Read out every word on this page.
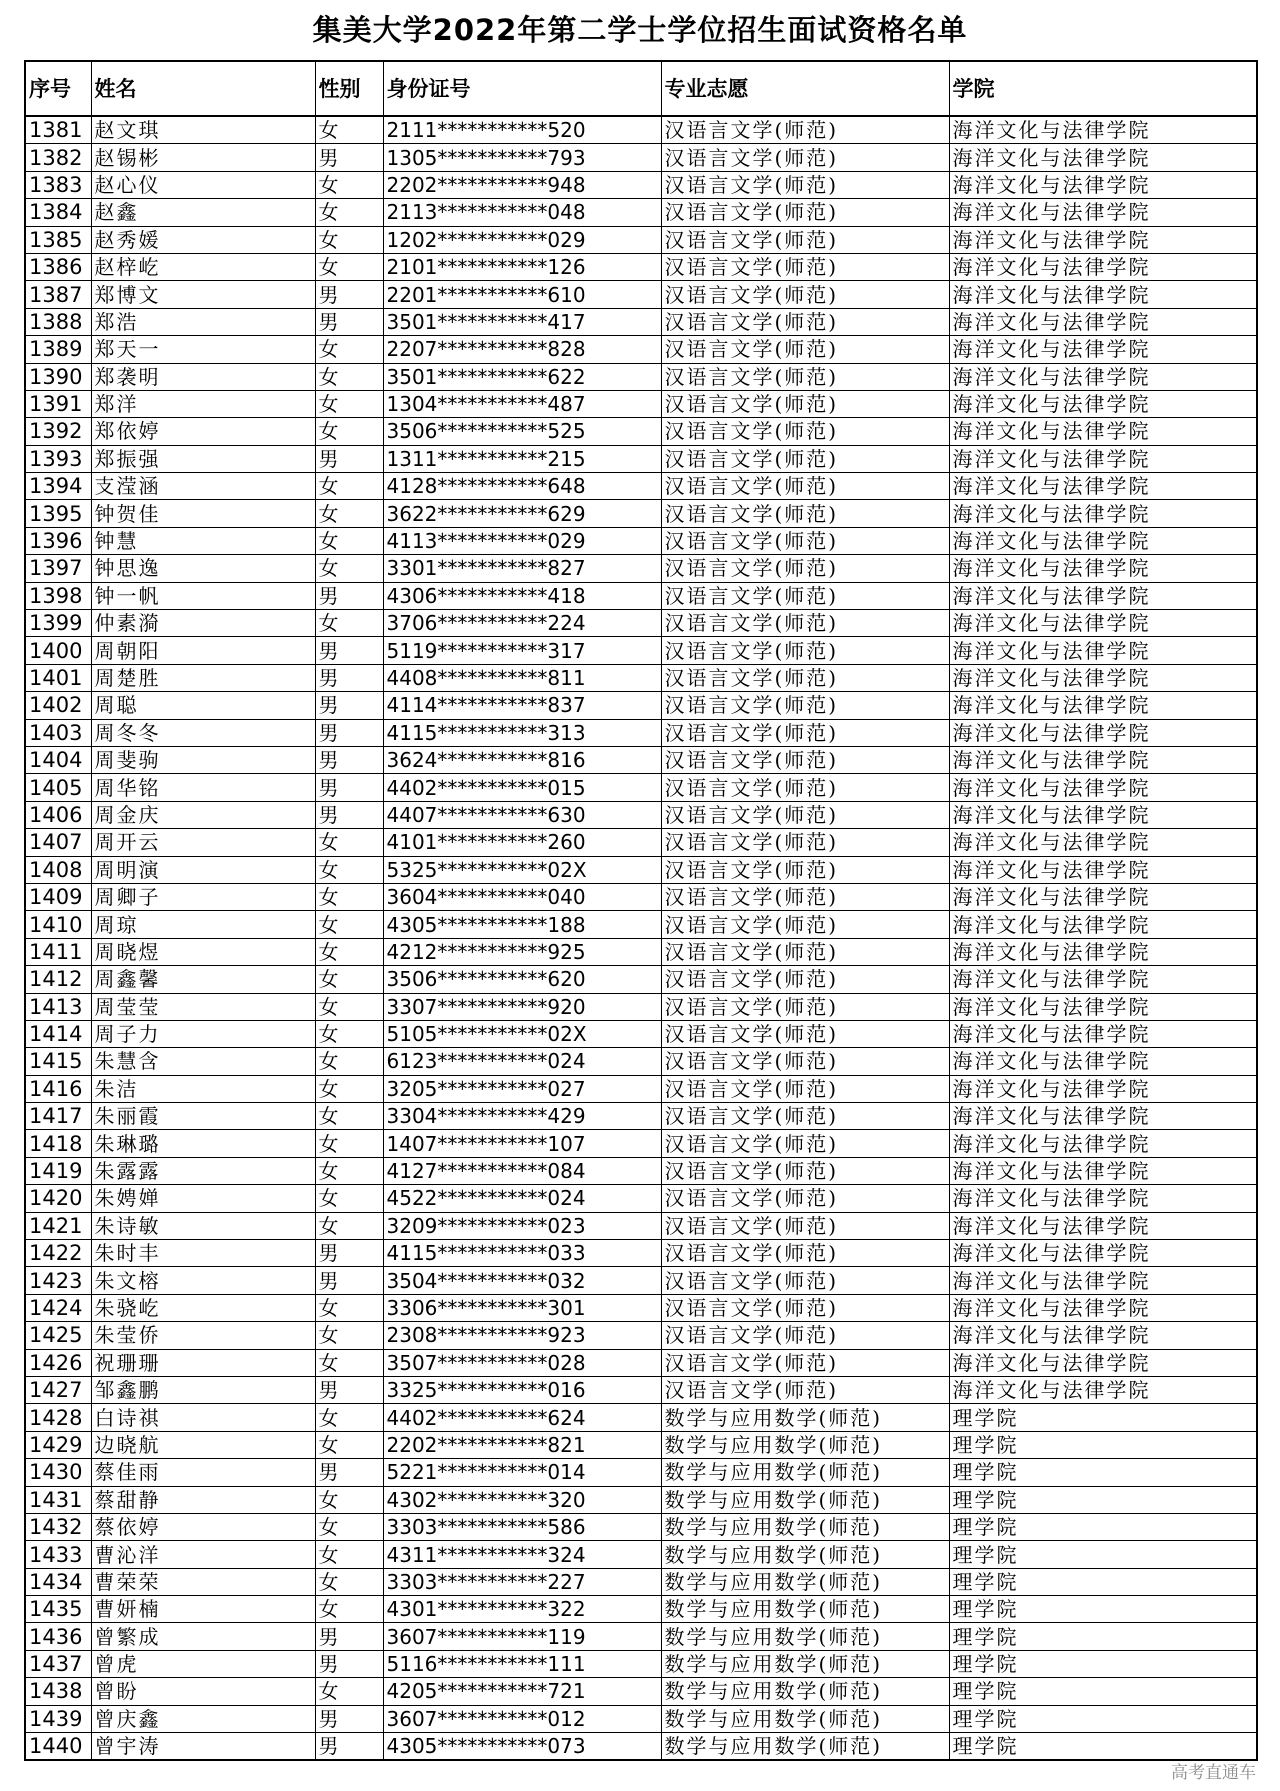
集美大学2022年第二学士学位招生面试资格名单
序号	姓名	性别	身份证号	专业志愿	学院
1381	赵文琪	女	2111***********520	汉语言文学(师范)	海洋文化与法律学院
1382	赵锡彬	男	1305***********793	汉语言文学(师范)	海洋文化与法律学院
1383	赵心仪	女	2202***********948	汉语言文学(师范)	海洋文化与法律学院
1384	赵鑫	女	2113***********048	汉语言文学(师范)	海洋文化与法律学院
1385	赵秀媛	女	1202***********029	汉语言文学(师范)	海洋文化与法律学院
1386	赵梓屹	女	2101***********126	汉语言文学(师范)	海洋文化与法律学院
1387	郑博文	男	2201***********610	汉语言文学(师范)	海洋文化与法律学院
1388	郑浩	男	3501***********417	汉语言文学(师范)	海洋文化与法律学院
1389	郑天一	女	2207***********828	汉语言文学(师范)	海洋文化与法律学院
1390	郑袭明	女	3501***********622	汉语言文学(师范)	海洋文化与法律学院
1391	郑洋	女	1304***********487	汉语言文学(师范)	海洋文化与法律学院
1392	郑依婷	女	3506***********525	汉语言文学(师范)	海洋文化与法律学院
1393	郑振强	男	1311***********215	汉语言文学(师范)	海洋文化与法律学院
1394	支滢涵	女	4128***********648	汉语言文学(师范)	海洋文化与法律学院
1395	钟贺佳	女	3622***********629	汉语言文学(师范)	海洋文化与法律学院
1396	钟慧	女	4113***********029	汉语言文学(师范)	海洋文化与法律学院
1397	钟思逸	女	3301***********827	汉语言文学(师范)	海洋文化与法律学院
1398	钟一帆	男	4306***********418	汉语言文学(师范)	海洋文化与法律学院
1399	仲素漪	女	3706***********224	汉语言文学(师范)	海洋文化与法律学院
1400	周朝阳	男	5119***********317	汉语言文学(师范)	海洋文化与法律学院
1401	周楚胜	男	4408***********811	汉语言文学(师范)	海洋文化与法律学院
1402	周聪	男	4114***********837	汉语言文学(师范)	海洋文化与法律学院
1403	周冬冬	男	4115***********313	汉语言文学(师范)	海洋文化与法律学院
1404	周斐驹	男	3624***********816	汉语言文学(师范)	海洋文化与法律学院
1405	周华铭	男	4402***********015	汉语言文学(师范)	海洋文化与法律学院
1406	周金庆	男	4407***********630	汉语言文学(师范)	海洋文化与法律学院
1407	周开云	女	4101***********260	汉语言文学(师范)	海洋文化与法律学院
1408	周明演	女	5325***********02X	汉语言文学(师范)	海洋文化与法律学院
1409	周卿子	女	3604***********040	汉语言文学(师范)	海洋文化与法律学院
1410	周琼	女	4305***********188	汉语言文学(师范)	海洋文化与法律学院
1411	周晓煜	女	4212***********925	汉语言文学(师范)	海洋文化与法律学院
1412	周鑫馨	女	3506***********620	汉语言文学(师范)	海洋文化与法律学院
1413	周莹莹	女	3307***********920	汉语言文学(师范)	海洋文化与法律学院
1414	周子力	女	5105***********02X	汉语言文学(师范)	海洋文化与法律学院
1415	朱慧含	女	6123***********024	汉语言文学(师范)	海洋文化与法律学院
1416	朱洁	女	3205***********027	汉语言文学(师范)	海洋文化与法律学院
1417	朱丽霞	女	3304***********429	汉语言文学(师范)	海洋文化与法律学院
1418	朱琳璐	女	1407***********107	汉语言文学(师范)	海洋文化与法律学院
1419	朱露露	女	4127***********084	汉语言文学(师范)	海洋文化与法律学院
1420	朱娉婵	女	4522***********024	汉语言文学(师范)	海洋文化与法律学院
1421	朱诗敏	女	3209***********023	汉语言文学(师范)	海洋文化与法律学院
1422	朱时丰	男	4115***********033	汉语言文学(师范)	海洋文化与法律学院
1423	朱文榕	男	3504***********032	汉语言文学(师范)	海洋文化与法律学院
1424	朱骁屹	女	3306***********301	汉语言文学(师范)	海洋文化与法律学院
1425	朱莹侨	女	2308***********923	汉语言文学(师范)	海洋文化与法律学院
1426	祝珊珊	女	3507***********028	汉语言文学(师范)	海洋文化与法律学院
1427	邹鑫鹏	男	3325***********016	汉语言文学(师范)	海洋文化与法律学院
1428	白诗祺	女	4402***********624	数学与应用数学(师范)	理学院
1429	边晓航	女	2202***********821	数学与应用数学(师范)	理学院
1430	蔡佳雨	男	5221***********014	数学与应用数学(师范)	理学院
1431	蔡甜静	女	4302***********320	数学与应用数学(师范)	理学院
1432	蔡依婷	女	3303***********586	数学与应用数学(师范)	理学院
1433	曹沁洋	女	4311***********324	数学与应用数学(师范)	理学院
1434	曹荣荣	女	3303***********227	数学与应用数学(师范)	理学院
1435	曹妍楠	女	4301***********322	数学与应用数学(师范)	理学院
1436	曾繁成	男	3607***********119	数学与应用数学(师范)	理学院
1437	曾虎	男	5116***********111	数学与应用数学(师范)	理学院
1438	曾盼	女	4205***********721	数学与应用数学(师范)	理学院
1439	曾庆鑫	男	3607***********012	数学与应用数学(师范)	理学院
1440	曾宇涛	男	4305***********073	数学与应用数学(师范)	理学院
高考直通车
